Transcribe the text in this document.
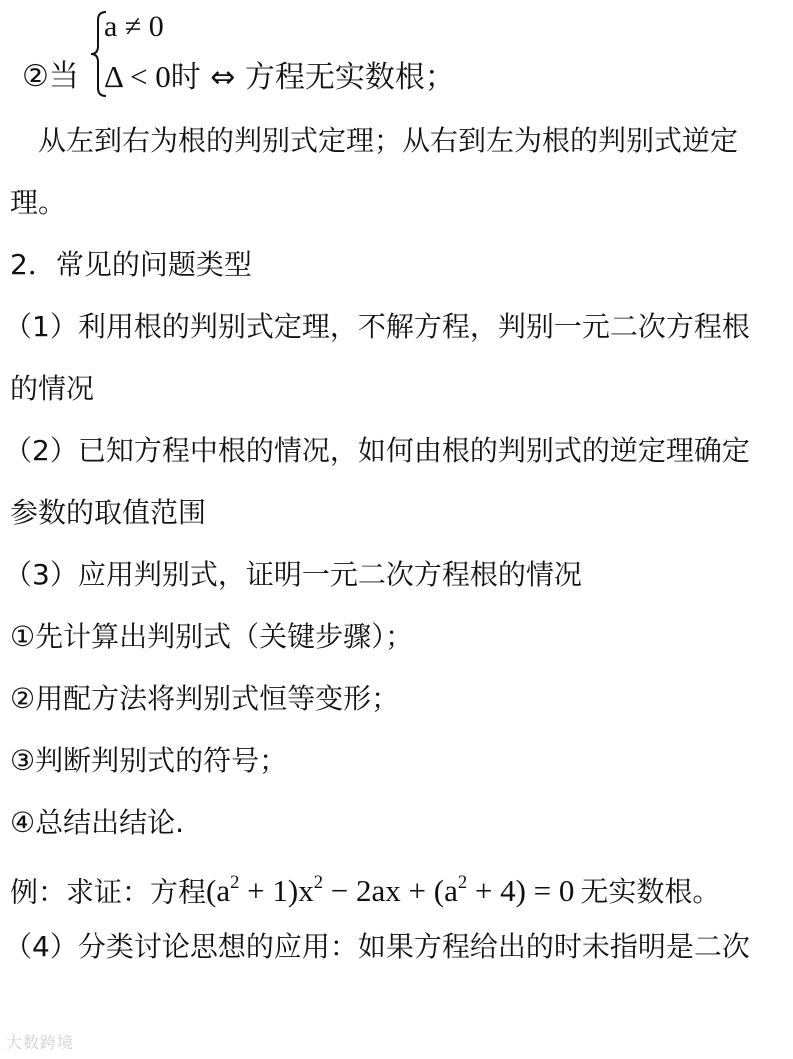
②当
a ≠ 0
Δ < 0时 ⇔ 方程无实数根；
从左到右为根的判别式定理；从右到左为根的判别式逆定
理。
2．常见的问题类型
（1）利用根的判别式定理，不解方程，判别一元二次方程根
的情况
（2）已知方程中根的情况，如何由根的判别式的逆定理确定
参数的取值范围
（3）应用判别式，证明一元二次方程根的情况
①先计算出判别式（关键步骤）；
②用配方法将判别式恒等变形；
③判断判别式的符号；
④总结出结论.
例：求证：方程$(a^2 + 1)x^2 - 2ax + (a^2 + 4) = 0$ 无实数根。
（4）分类讨论思想的应用：如果方程给出的时未指明是二次
大数跨境
